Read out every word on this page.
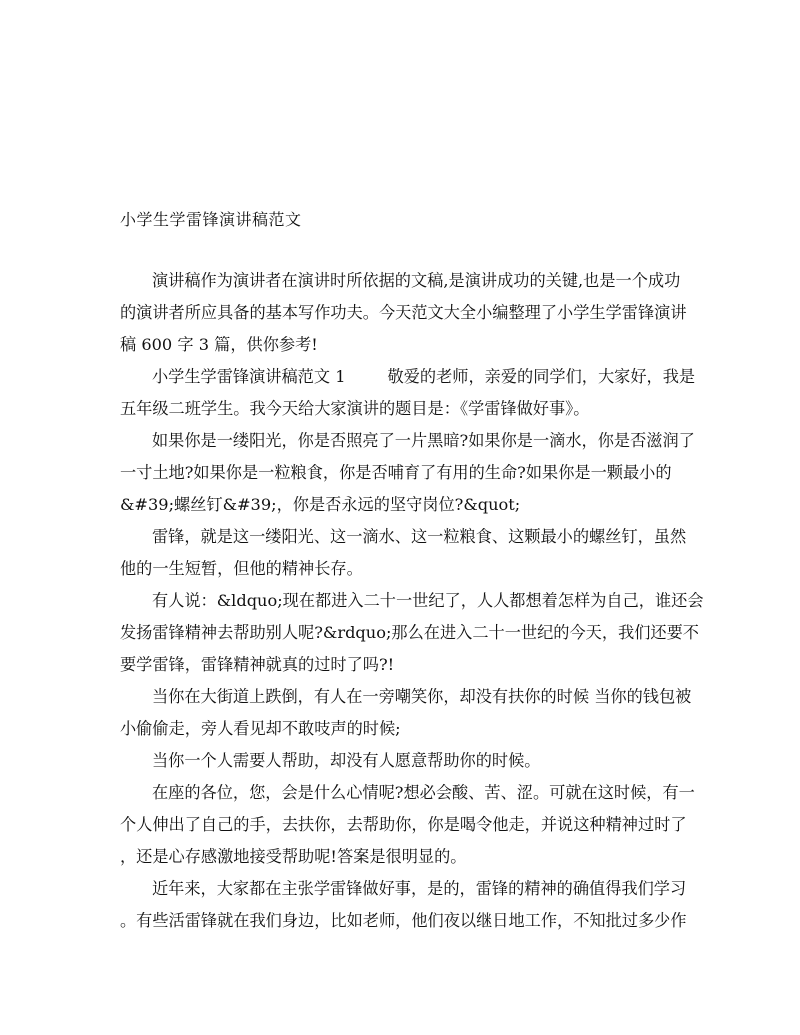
小学生学雷锋演讲稿范文
演讲稿作为演讲者在演讲时所依据的文稿,是演讲成功的关键,也是一个成功
的演讲者所应具备的基本写作功夫。今天范文大全小编整理了小学生学雷锋演讲
稿 600 字 3 篇，供你参考!
小学生学雷锋演讲稿范文 1	敬爱的老师，亲爱的同学们，大家好，我是
五年级二班学生。我今天给大家演讲的题目是：《学雷锋做好事》。
如果你是一缕阳光，你是否照亮了一片黑暗?如果你是一滴水，你是否滋润了
一寸土地?如果你是一粒粮食，你是否哺育了有用的生命?如果你是一颗最小的
&#39;螺丝钉&#39;，你是否永远的坚守岗位?&quot;
雷锋，就是这一缕阳光、这一滴水、这一粒粮食、这颗最小的螺丝钉，虽然
他的一生短暂，但他的精神长存。
有人说：&ldquo;现在都进入二十一世纪了，人人都想着怎样为自己，谁还会
发扬雷锋精神去帮助别人呢?&rdquo;那么在进入二十一世纪的今天，我们还要不
要学雷锋，雷锋精神就真的过时了吗?!
当你在大街道上跌倒，有人在一旁嘲笑你，却没有扶你的时候 当你的钱包被
小偷偷走，旁人看见却不敢吱声的时候;
当你一个人需要人帮助，却没有人愿意帮助你的时候。
在座的各位，您，会是什么心情呢?想必会酸、苦、涩。可就在这时候，有一
个人伸出了自己的手，去扶你，去帮助你，你是喝令他走，并说这种精神过时了
，还是心存感激地接受帮助呢!答案是很明显的。
近年来，大家都在主张学雷锋做好事，是的，雷锋的精神的确值得我们学习
。有些活雷锋就在我们身边，比如老师，他们夜以继日地工作，不知批过多少作
